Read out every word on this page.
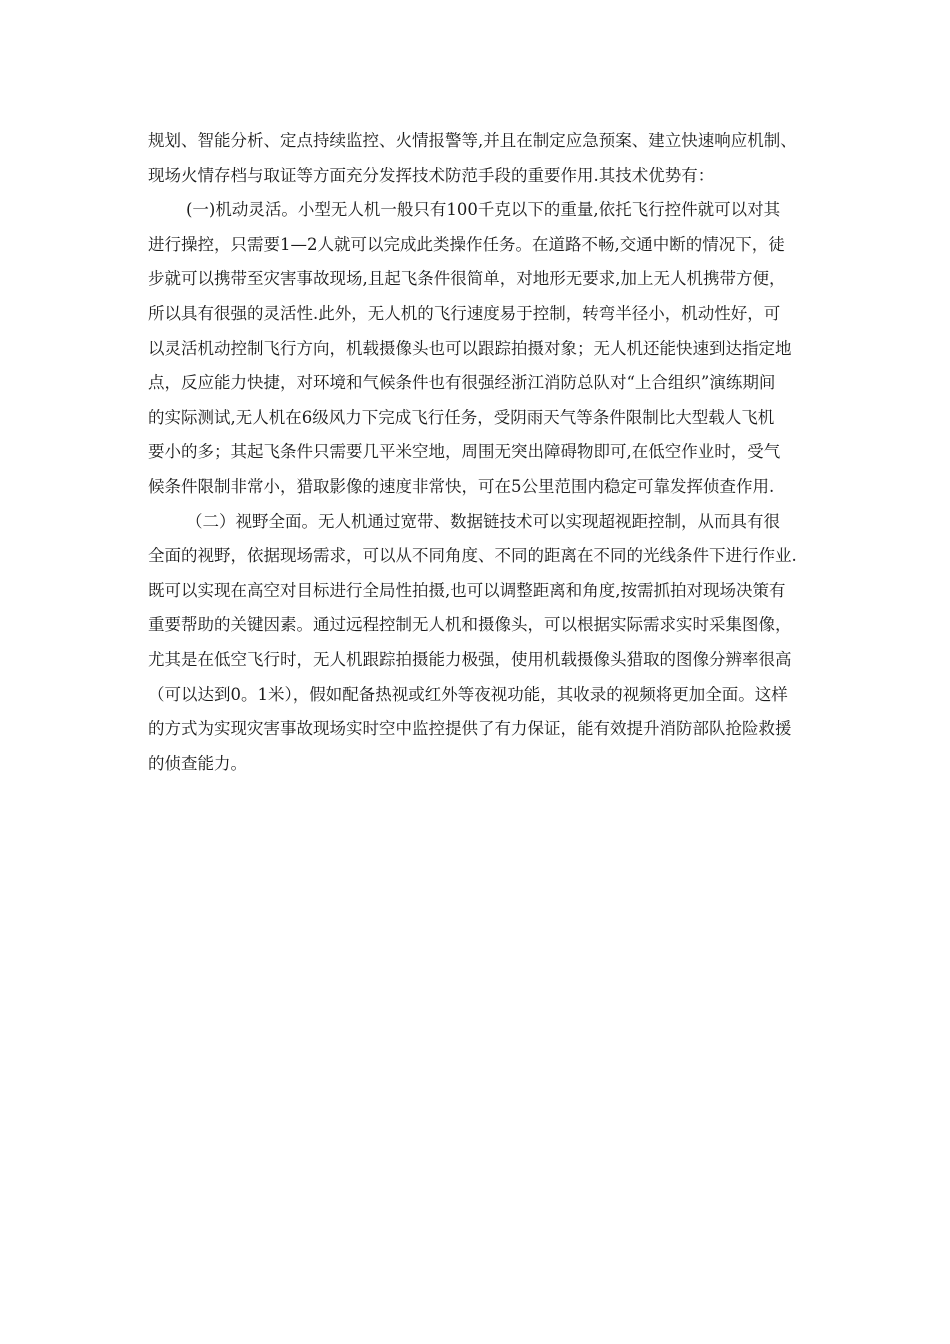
规划、智能分析、定点持续监控、火情报警等,并且在制定应急预案、建立快速响应机制、
现场火情存档与取证等方面充分发挥技术防范手段的重要作用.其技术优势有：
(一)机动灵活。小型无人机一般只有100千克以下的重量,依托飞行控件就可以对其
进行操控，只需要1—2人就可以完成此类操作任务。在道路不畅,交通中断的情况下，徒
步就可以携带至灾害事故现场,且起飞条件很简单，对地形无要求,加上无人机携带方便，
所以具有很强的灵活性.此外，无人机的飞行速度易于控制，转弯半径小，机动性好，可
以灵活机动控制飞行方向，机载摄像头也可以跟踪拍摄对象；无人机还能快速到达指定地
点，反应能力快捷，对环境和气候条件也有很强经浙江消防总队对“上合组织”演练期间
的实际测试,无人机在6级风力下完成飞行任务，受阴雨天气等条件限制比大型载人飞机
要小的多；其起飞条件只需要几平米空地，周围无突出障碍物即可,在低空作业时，受气
候条件限制非常小，猎取影像的速度非常快，可在5公里范围内稳定可靠发挥侦查作用.
（二）视野全面。无人机通过宽带、数据链技术可以实现超视距控制，从而具有很
全面的视野，依据现场需求，可以从不同角度、不同的距离在不同的光线条件下进行作业.
既可以实现在高空对目标进行全局性拍摄,也可以调整距离和角度,按需抓拍对现场决策有
重要帮助的关键因素。通过远程控制无人机和摄像头，可以根据实际需求实时采集图像，
尤其是在低空飞行时，无人机跟踪拍摄能力极强，使用机载摄像头猎取的图像分辨率很高
（可以达到0。1米），假如配备热视或红外等夜视功能，其收录的视频将更加全面。这样
的方式为实现灾害事故现场实时空中监控提供了有力保证，能有效提升消防部队抢险救援
的侦查能力。
